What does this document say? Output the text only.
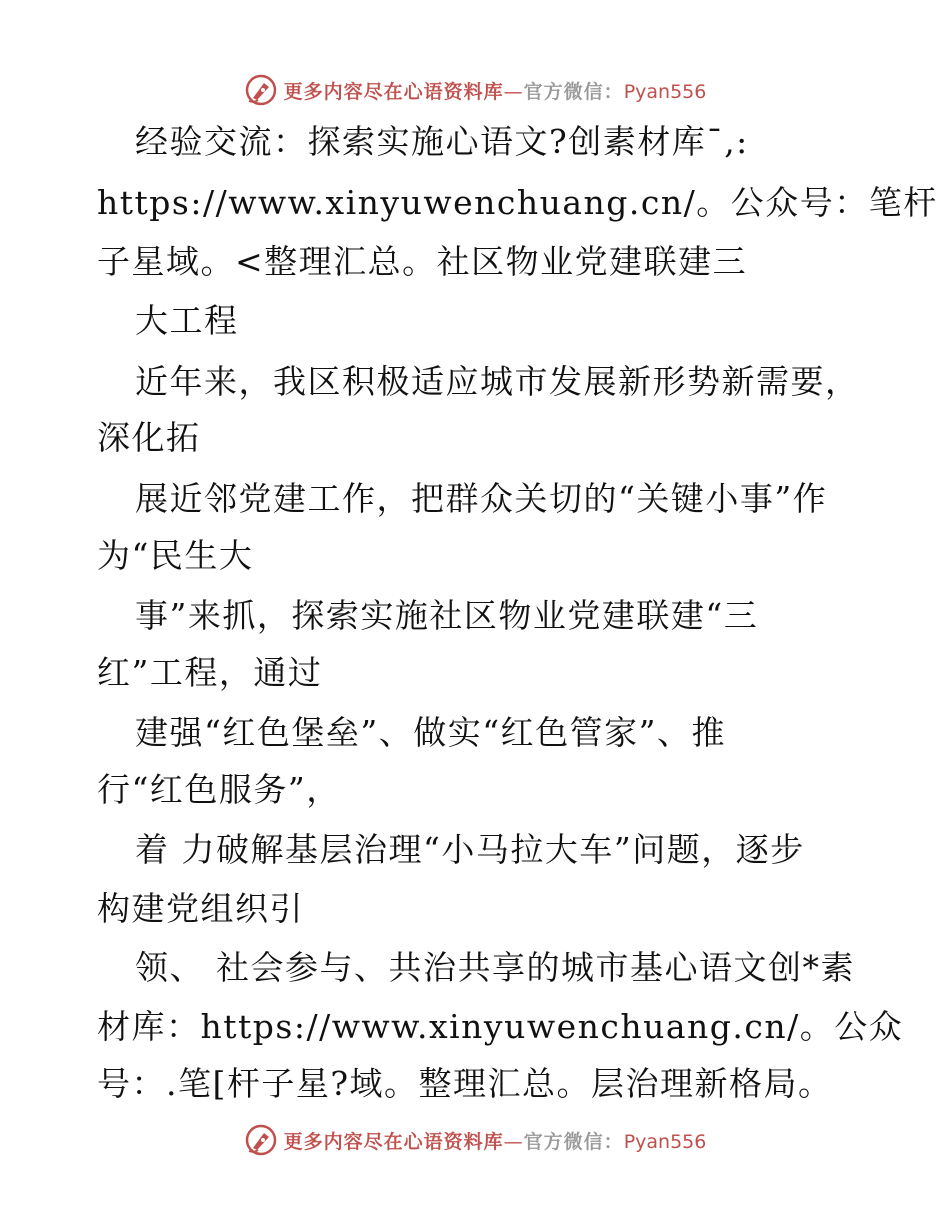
更多内容尽在心语资料库—官方微信：Pyan556
经验交流：探索实施心语文?创素材库¯,:
https://www.xinyuwenchuang.cn/。公众号：笔杆
子星域。<整理汇总。社区物业党建联建三
大工程
近年来，我区积极适应城市发展新形势新需要，
深化拓
展近邻党建工作，把群众关切的“关键小事”作
为“民生大
事”来抓，探索实施社区物业党建联建“三
红”工程，通过
建强“红色堡垒”、做实“红色管家”、推
行“红色服务”，
着 力破解基层治理“小马拉大车”问题，逐步
构建党组织引
领、 社会参与、共治共享的城市基心语文创*素
材库：https://www.xinyuwenchuang.cn/。公众
号：.笔[杆子星?域。整理汇总。层治理新格局。
更多内容尽在心语资料库—官方微信：Pyan556
